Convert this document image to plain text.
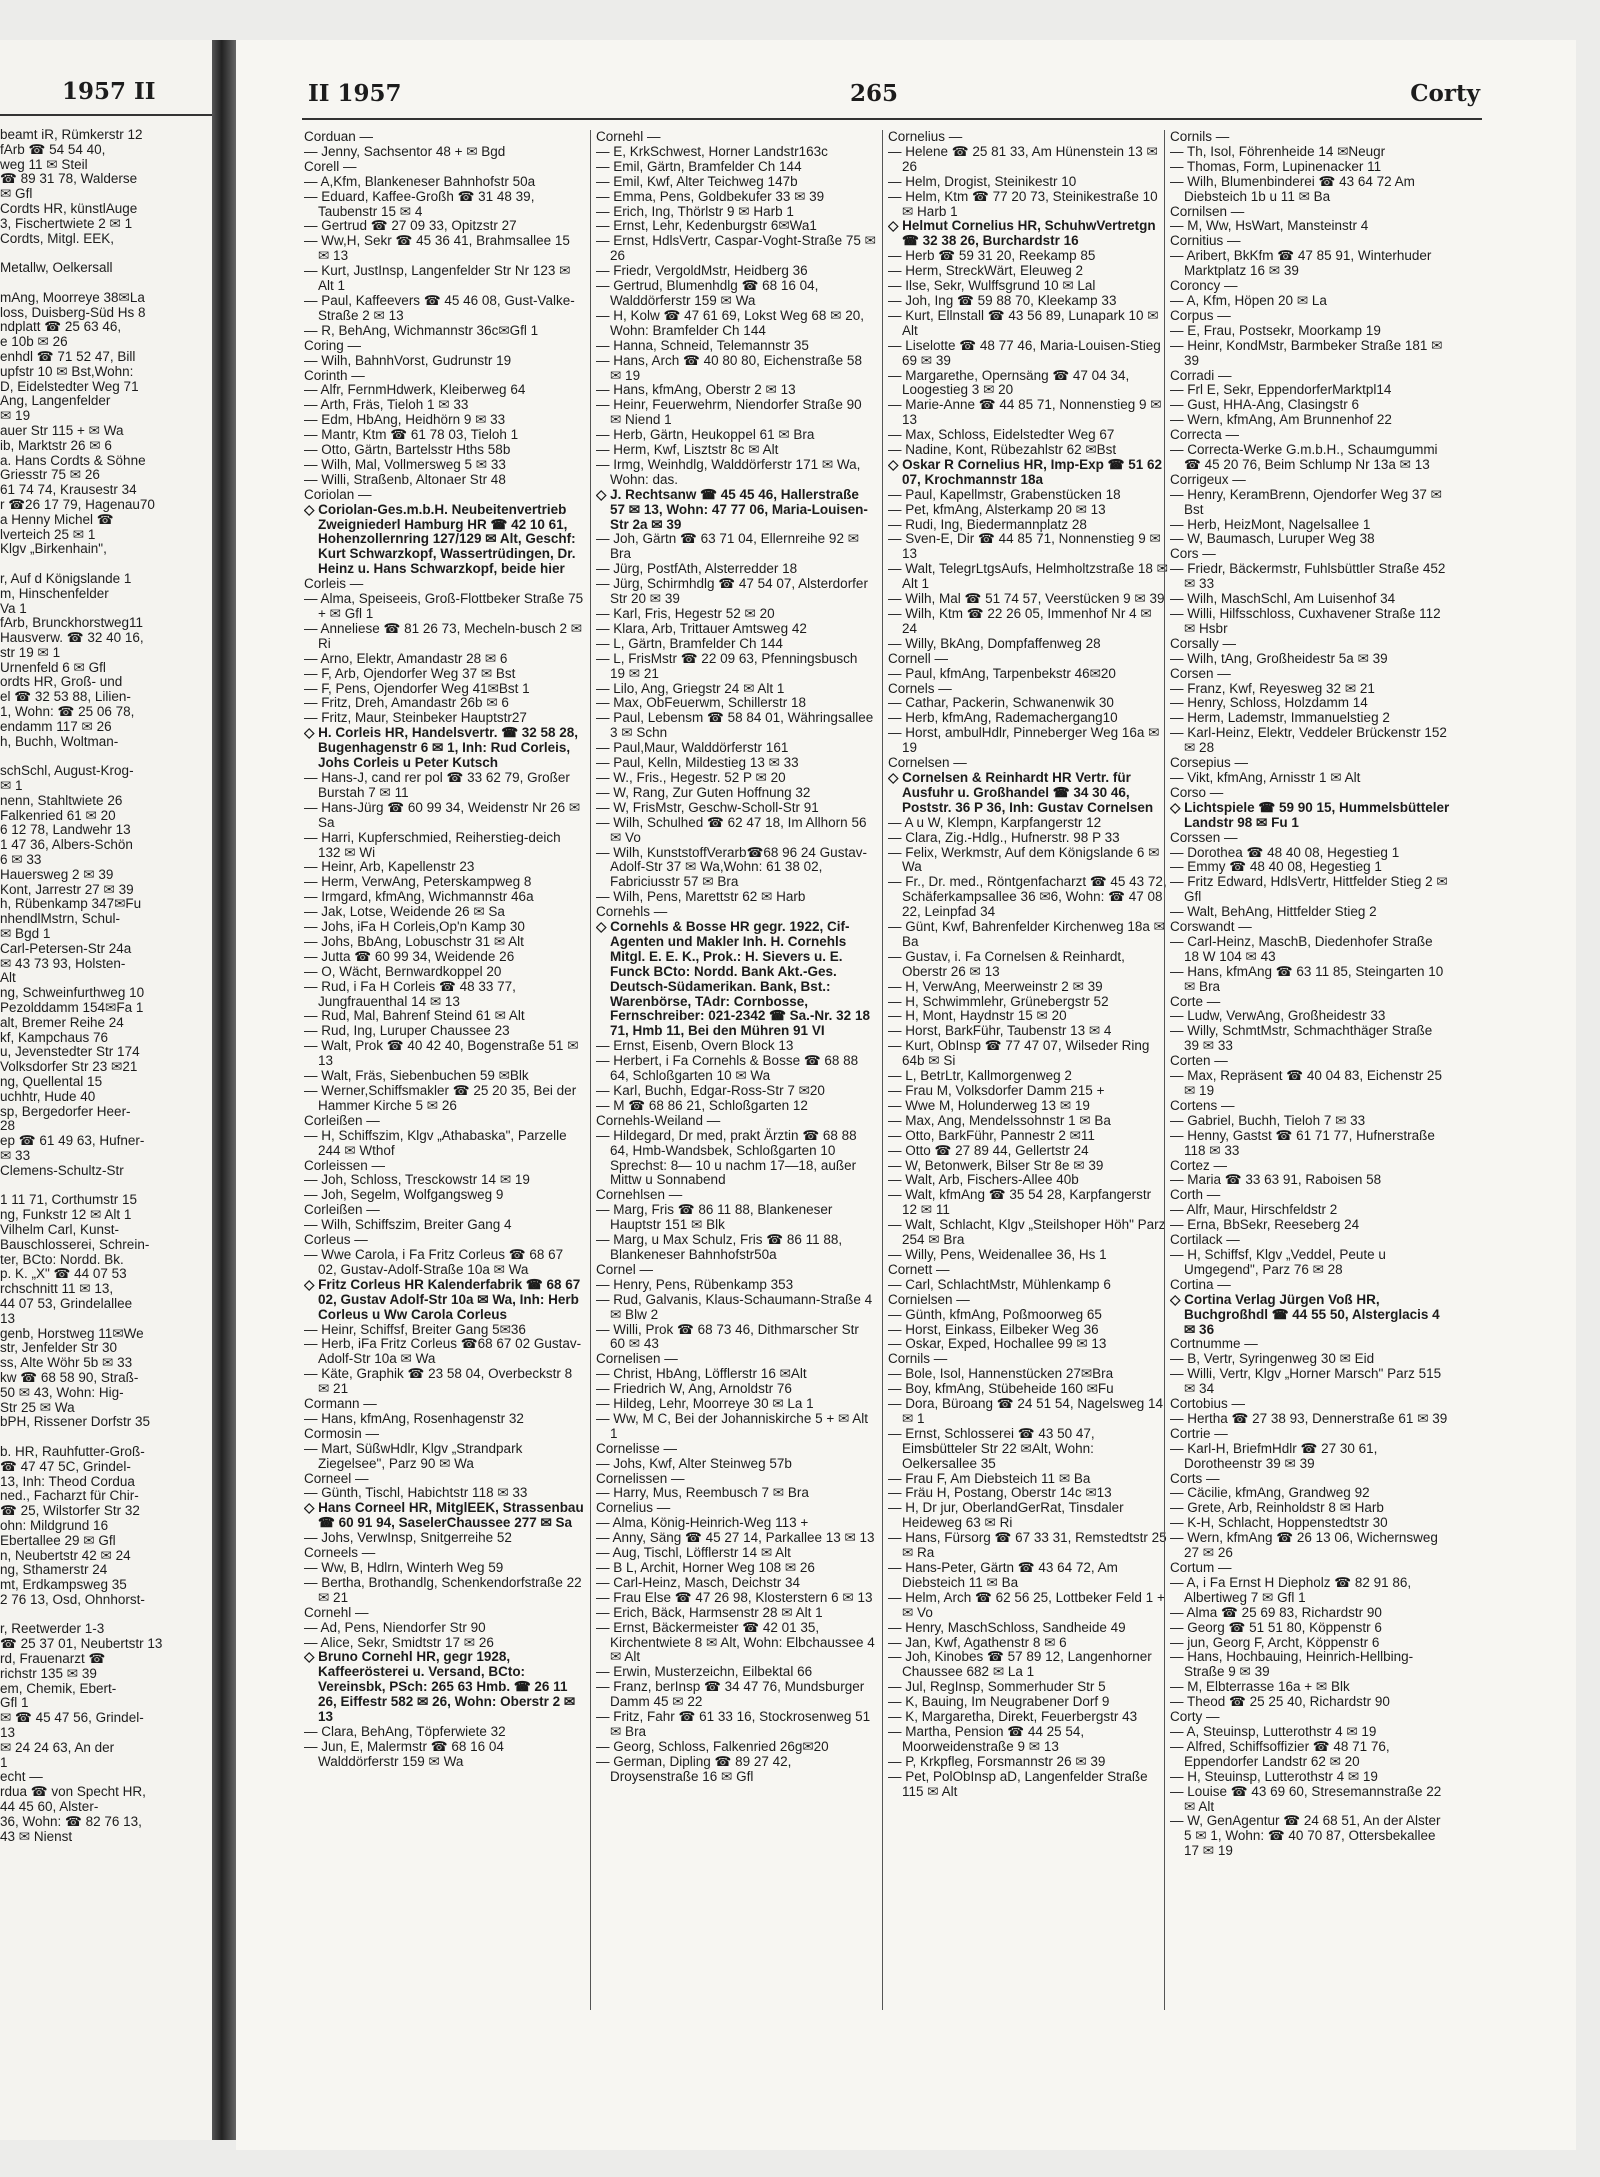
1957 II
beamt iR, Rümkerstr 12
fArb ☎ 54 54 40,
weg 11 ✉ Steil
☎ 89 31 78, Walderse
✉ Gfl
Cordts HR, künstlAuge
3, Fischertwiete 2 ✉ 1
Cordts, Mitgl. EEK,

Metallw, Oelkersall

mAng, Moorreye 38✉La
loss, Duisberg-Süd Hs 8
ndplatt ☎ 25 63 46,
e 10b ✉ 26
enhdl ☎ 71 52 47, Bill
upfstr 10 ✉ Bst,Wohn:
D, Eidelstedter Weg 71
Ang, Langenfelder
✉ 19
auer Str 115 + ✉ Wa
ib, Marktstr 26 ✉ 6
a. Hans Cordts & Söhne
Griesstr 75 ✉ 26
61 74 74, Krausestr 34
r ☎26 17 79, Hagenau70
a Henny Michel ☎
lverteich 25 ✉ 1
Klgv „Birkenhain",

r, Auf d Königslande 1
m, Hinschenfelder
Va 1
fArb, Brunckhorstweg11
Hausverw. ☎ 32 40 16,
str 19 ✉ 1
Urnenfeld 6 ✉ Gfl
ordts HR, Groß- und
el ☎ 32 53 88, Lilien-
1, Wohn: ☎ 25 06 78,
endamm 117 ✉ 26
h, Buchh, Woltman-

schSchl, August-Krog-
✉ 1
nenn, Stahltwiete 26
Falkenried 61 ✉ 20
6 12 78, Landwehr 13
1 47 36, Albers-Schön
6 ✉ 33
Hauersweg 2 ✉ 39
Kont, Jarrestr 27 ✉ 39
h, Rübenkamp 347✉Fu
nhendlMstrn, Schul-
✉ Bgd 1
Carl-Petersen-Str 24a
✉ 43 73 93, Holsten-
Alt
ng, Schweinfurthweg 10
Pezolddamm 154✉Fa 1
alt, Bremer Reihe 24
kf, Kampchaus 76
u, Jevenstedter Str 174
Volksdorfer Str 23 ✉21
ng, Quellental 15
uchhtr, Hude 40
sp, Bergedorfer Heer-
28
ep ☎ 61 49 63, Hufner-
✉ 33
Clemens-Schultz-Str

1 11 71, Corthumstr 15
ng, Funkstr 12 ✉ Alt 1
Vilhelm Carl, Kunst-
Bauschlosserei, Schrein-
ter, BCto: Nordd. Bk.
p. K. „X" ☎ 44 07 53
rchschnitt 11 ✉ 13,
44 07 53, Grindelallee
13
genb, Horstweg 11✉We
str, Jenfelder Str 30
ss, Alte Wöhr 5b ✉ 33
kw ☎ 68 58 90, Straß-
50 ✉ 43, Wohn: Hig-
Str 25 ✉ Wa
bPH, Rissener Dorfstr 35

b. HR, Rauhfutter-Groß-
☎ 47 47 5C, Grindel-
13, Inh: Theod Cordua
ned., Facharzt für Chir-
☎ 25, Wilstorfer Str 32
ohn: Mildgrund 16
Ebertallee 29 ✉ Gfl
n, Neubertstr 42 ✉ 24
ng, Sthamerstr 24
mt, Erdkampsweg 35
2 76 13, Osd, Ohnhorst-

r, Reetwerder 1-3
☎ 25 37 01, Neubertstr 13
rd, Frauenarzt ☎
richstr 135 ✉ 39
em, Chemik, Ebert-
Gfl 1
✉ ☎ 45 47 56, Grindel-
13
✉ 24 24 63, An der
1
echt —
rdua ☎ von Specht HR,
44 45 60, Alster-
36, Wohn: ☎ 82 76 13,
43 ✉ Nienst
II 1957	265	Corty
Corduan —
— Jenny, Sachsentor 48 + ✉ Bgd
Corell —
— A,Kfm, Blankeneser Bahnhofstr 50a
— Eduard, Kaffee-Großh ☎ 31 48 39, Taubenstr 15 ✉ 4
— Gertrud ☎ 27 09 33, Opitzstr 27
— Ww,H, Sekr ☎ 45 36 41, Brahmsallee 15 ✉ 13
— Kurt, JustInsp, Langenfelder Str Nr 123 ✉ Alt 1
— Paul, Kaffeevers ☎ 45 46 08, Gust-Valke-Straße 2 ✉ 13
— R, BehAng, Wichmannstr 36c✉Gfl 1
Coring —
— Wilh, BahnhVorst, Gudrunstr 19
Corinth —
— Alfr, FernmHdwerk, Kleiberweg 64
— Arth, Fräs, Tieloh 1 ✉ 33
— Edm, HbAng, Heidhörn 9 ✉ 33
— Mantr, Ktm ☎ 61 78 03, Tieloh 1
— Otto, Gärtn, Bartelsstr Hths 58b
— Wilh, Mal, Vollmersweg 5 ✉ 33
— Willi, Straßenb, Altonaer Str 48
Coriolan —
◇ Coriolan-Ges.m.b.H. Neubeitenvertrieb Zweigniederl Hamburg HR ☎ 42 10 61, Hohenzollernring 127/129 ✉ Alt, Geschf: Kurt Schwarzkopf, Wassertrüdingen, Dr. Heinz u. Hans Schwarzkopf, beide hier
Corleis —
— Alma, Speiseeis, Groß-Flottbeker Straße 75 + ✉ Gfl 1
— Anneliese ☎ 81 26 73, Mecheln-busch 2 ✉ Ri
— Arno, Elektr, Amandastr 28 ✉ 6
— F, Arb, Ojendorfer Weg 37 ✉ Bst
— F, Pens, Ojendorfer Weg 41✉Bst 1
— Fritz, Dreh, Amandastr 26b ✉ 6
— Fritz, Maur, Steinbeker Hauptstr27
◇ H. Corleis HR, Handelsvertr. ☎ 32 58 28, Bugenhagenstr 6 ✉ 1, Inh: Rud Corleis, Johs Corleis u Peter Kutsch
— Hans-J, cand rer pol ☎ 33 62 79, Großer Burstah 7 ✉ 11
— Hans-Jürg ☎ 60 99 34, Weidenstr Nr 26 ✉ Sa
— Harri, Kupferschmied, Reiherstieg-deich 132 ✉ Wi
— Heinr, Arb, Kapellenstr 23
— Herm, VerwAng, Peterskampweg 8
— Irmgard, kfmAng, Wichmannstr 46a
— Jak, Lotse, Weidende 26 ✉ Sa
— Johs, iFa H Corleis,Op'n Kamp 30
— Johs, BbAng, Lobuschstr 31 ✉ Alt
— Jutta ☎ 60 99 34, Weidende 26
— O, Wächt, Bernwardkoppel 20
— Rud, i Fa H Corleis ☎ 48 33 77, Jungfrauenthal 14 ✉ 13
— Rud, Mal, Bahrenf Steind 61 ✉ Alt
— Rud, Ing, Luruper Chaussee 23
— Walt, Prok ☎ 40 42 40, Bogenstraße 51 ✉ 13
— Walt, Fräs, Siebenbuchen 59 ✉Blk
— Werner,Schiffsmakler ☎ 25 20 35, Bei der Hammer Kirche 5 ✉ 26
Corleißen —
— H, Schiffszim, Klgv „Athabaska", Parzelle 244 ✉ Wthof
Corleissen —
— Joh, Schloss, Tresckowstr 14 ✉ 19
— Joh, Segelm, Wolfgangsweg 9
Corleißen —
— Wilh, Schiffszim, Breiter Gang 4
Corleus —
— Wwe Carola, i Fa Fritz Corleus ☎ 68 67 02, Gustav-Adolf-Straße 10a ✉ Wa
◇ Fritz Corleus HR Kalenderfabrik ☎ 68 67 02, Gustav Adolf-Str 10a ✉ Wa, Inh: Herb Corleus u Ww Carola Corleus
— Heinr, Schiffsf, Breiter Gang 5✉36
— Herb, iFa Fritz Corleus ☎68 67 02 Gustav-Adolf-Str 10a ✉ Wa
— Käte, Graphik ☎ 23 58 04, Overbeckstr 8 ✉ 21
Cormann —
— Hans, kfmAng, Rosenhagenstr 32
Cormosin —
— Mart, SüßwHdlr, Klgv „Strandpark Ziegelsee", Parz 90 ✉ Wa
Corneel —
— Günth, Tischl, Habichtstr 118 ✉ 33
◇ Hans Corneel HR, MitglEEK, Strassenbau ☎ 60 91 94, SaselerChaussee 277 ✉ Sa
— Johs, VerwInsp, Snitgerreihe 52
Corneels —
— Ww, B, Hdlrn, Winterh Weg 59
— Bertha, Brothandlg, Schenkendorfstraße 22 ✉ 21
Cornehl —
— Ad, Pens, Niendorfer Str 90
— Alice, Sekr, Smidtstr 17 ✉ 26
◇ Bruno Cornehl HR, gegr 1928, Kaffeerösterei u. Versand, BCto: Vereinsbk, PSch: 265 63 Hmb. ☎ 26 11 26, Eiffestr 582 ✉ 26, Wohn: Oberstr 2 ✉ 13
— Clara, BehAng, Töpferwiete 32
— Jun, E, Malermstr ☎ 68 16 04 Walddörferstr 159 ✉ Wa
Cornehl —
— E, KrkSchwest, Horner Landstr163c
— Emil, Gärtn, Bramfelder Ch 144
— Emil, Kwf, Alter Teichweg 147b
— Emma, Pens, Goldbekufer 33 ✉ 39
— Erich, Ing, Thörlstr 9 ✉ Harb 1
— Ernst, Lehr, Kedenburgstr 6✉Wa1
— Ernst, HdlsVertr, Caspar-Voght-Straße 75 ✉ 26
— Friedr, VergoldMstr, Heidberg 36
— Gertrud, Blumenhdlg ☎ 68 16 04, Walddörferstr 159 ✉ Wa
— H, Kolw ☎ 47 61 69, Lokst Weg 68 ✉ 20, Wohn: Bramfelder Ch 144
— Hanna, Schneid, Telemannstr 35
— Hans, Arch ☎ 40 80 80, Eichenstraße 58 ✉ 19
— Hans, kfmAng, Oberstr 2 ✉ 13
— Heinr, Feuerwehrm, Niendorfer Straße 90 ✉ Niend 1
— Herb, Gärtn, Heukoppel 61 ✉ Bra
— Herm, Kwf, Lisztstr 8c ✉ Alt
— Irmg, Weinhdlg, Walddörferstr 171 ✉ Wa, Wohn: das.
◇ J. Rechtsanw ☎ 45 45 46, Hallerstraße 57 ✉ 13, Wohn: 47 77 06, Maria-Louisen-Str 2a ✉ 39
— Joh, Gärtn ☎ 63 71 04, Ellernreihe 92 ✉ Bra
— Jürg, PostfAth, Alsterredder 18
— Jürg, Schirmhdlg ☎ 47 54 07, Alsterdorfer Str 20 ✉ 39
— Karl, Fris, Hegestr 52 ✉ 20
— Klara, Arb, Trittauer Amtsweg 42
— L, Gärtn, Bramfelder Ch 144
— L, FrisMstr ☎ 22 09 63, Pfenningsbusch 19 ✉ 21
— Lilo, Ang, Griegstr 24 ✉ Alt 1
— Max, ObFeuerwm, Schillerstr 18
— Paul, Lebensm ☎ 58 84 01, Währingsallee 3 ✉ Schn
— Paul,Maur, Walddörferstr 161
— Paul, Kelln, Mildestieg 13 ✉ 33
— W., Fris., Hegestr. 52 P ✉ 20
— W, Rang, Zur Guten Hoffnung 32
— W, FrisMstr, Geschw-Scholl-Str 91
— Wilh, Schulhed ☎ 62 47 18, Im Allhorn 56 ✉ Vo
— Wilh, KunststoffVerarb☎68 96 24 Gustav-Adolf-Str 37 ✉ Wa,Wohn: 61 38 02, Fabriciusstr 57 ✉ Bra
— Wilh, Pens, Marettstr 62 ✉ Harb
Cornehls —
◇ Cornehls & Bosse HR gegr. 1922, Cif-Agenten und Makler Inh. H. Cornehls Mitgl. E. E. K., Prok.: H. Sievers u. E. Funck BCto: Nordd. Bank Akt.-Ges. Deutsch-Südamerikan. Bank, Bst.: Warenbörse, TAdr: Cornbosse, Fernschreiber: 021-2342 ☎ Sa.-Nr. 32 18 71, Hmb 11, Bei den Mühren 91 VI
— Ernst, Eisenb, Overn Block 13
— Herbert, i Fa Cornehls & Bosse ☎ 68 88 64, Schloßgarten 10 ✉ Wa
— Karl, Buchh, Edgar-Ross-Str 7 ✉20
— M ☎ 68 86 21, Schloßgarten 12
Cornehls-Weiland —
— Hildegard, Dr med, prakt Ärztin ☎ 68 88 64, Hmb-Wandsbek, Schloßgarten 10 Sprechst: 8— 10 u nachm 17—18, außer Mittw u Sonnabend
Cornehlsen —
— Marg, Fris ☎ 86 11 88, Blankeneser Hauptstr 151 ✉ Blk
— Marg, u Max Schulz, Fris ☎ 86 11 88, Blankeneser Bahnhofstr50a
Cornel —
— Henry, Pens, Rübenkamp 353
— Rud, Galvanis, Klaus-Schaumann-Straße 4 ✉ Blw 2
— Willi, Prok ☎ 68 73 46, Dithmarscher Str 60 ✉ 43
Cornelisen —
— Christ, HbAng, Löfflerstr 16 ✉Alt
— Friedrich W, Ang, Arnoldstr 76
— Hildeg, Lehr, Moorreye 30 ✉ La 1
— Ww, M C, Bei der Johanniskirche 5 + ✉ Alt 1
Cornelisse —
— Johs, Kwf, Alter Steinweg 57b
Cornelissen —
— Harry, Mus, Reembusch 7 ✉ Bra
Cornelius —
— Alma, König-Heinrich-Weg 113 +
— Anny, Säng ☎ 45 27 14, Parkallee 13 ✉ 13
— Aug, Tischl, Löfflerstr 14 ✉ Alt
— B L, Archit, Horner Weg 108 ✉ 26
— Carl-Heinz, Masch, Deichstr 34
— Frau Else ☎ 47 26 98, Klosterstern 6 ✉ 13
— Erich, Bäck, Harmsenstr 28 ✉ Alt 1
— Ernst, Bäckermeister ☎ 42 01 35, Kirchentwiete 8 ✉ Alt, Wohn: Elbchaussee 4 ✉ Alt
— Erwin, Musterzeichn, Eilbektal 66
— Franz, berInsp ☎ 34 47 76, Mundsburger Damm 45 ✉ 22
— Fritz, Fahr ☎ 61 33 16, Stockrosenweg 51 ✉ Bra
— Georg, Schloss, Falkenried 26g✉20
— German, Dipling ☎ 89 27 42, Droysenstraße 16 ✉ Gfl
Cornelius —
— Helene ☎ 25 81 33, Am Hünenstein 13 ✉ 26
— Helm, Drogist, Steinikestr 10
— Helm, Ktm ☎ 77 20 73, Steinikestraße 10 ✉ Harb 1
◇ Helmut Cornelius HR, SchuhwVertretgn ☎ 32 38 26, Burchardstr 16
— Herb ☎ 59 31 20, Reekamp 85
— Herm, StreckWärt, Eleuweg 2
— Ilse, Sekr, Wulffsgrund 10 ✉ Lal
— Joh, Ing ☎ 59 88 70, Kleekamp 33
— Kurt, Ellnstall ☎ 43 56 89, Lunapark 10 ✉ Alt
— Liselotte ☎ 48 77 46, Maria-Louisen-Stieg 69 ✉ 39
— Margarethe, Opernsäng ☎ 47 04 34, Loogestieg 3 ✉ 20
— Marie-Anne ☎ 44 85 71, Nonnenstieg 9 ✉ 13
— Max, Schloss, Eidelstedter Weg 67
— Nadine, Kont, Rübezahlstr 62 ✉Bst
◇ Oskar R Cornelius HR, Imp-Exp ☎ 51 62 07, Krochmannstr 18a
— Paul, Kapellmstr, Grabenstücken 18
— Pet, kfmAng, Alsterkamp 20 ✉ 13
— Rudi, Ing, Biedermannplatz 28
— Sven-E, Dir ☎ 44 85 71, Nonnenstieg 9 ✉ 13
— Walt, TelegrLtgsAufs, Helmholtzstraße 18 ✉ Alt 1
— Wilh, Mal ☎ 51 74 57, Veerstücken 9 ✉ 39
— Wilh, Ktm ☎ 22 26 05, Immenhof Nr 4 ✉ 24
— Willy, BkAng, Dompfaffenweg 28
Cornell —
— Paul, kfmAng, Tarpenbekstr 46✉20
Cornels —
— Cathar, Packerin, Schwanenwik 30
— Herb, kfmAng, Rademachergang10
— Horst, ambulHdlr, Pinneberger Weg 16a ✉ 19
Cornelsen —
◇ Cornelsen & Reinhardt HR Vertr. für Ausfuhr u. Großhandel ☎ 34 30 46, Poststr. 36 P 36, Inh: Gustav Cornelsen
— A u W, Klempn, Karpfangerstr 12
— Clara, Zig.-Hdlg., Hufnerstr. 98 P 33
— Felix, Werkmstr, Auf dem Königslande 6 ✉ Wa
— Fr., Dr. med., Röntgenfacharzt ☎ 45 43 72, Schäferkampsallee 36 ✉6, Wohn: ☎ 47 08 22, Leinpfad 34
— Günt, Kwf, Bahrenfelder Kirchenweg 18a ✉ Ba
— Gustav, i. Fa Cornelsen & Reinhardt, Oberstr 26 ✉ 13
— H, VerwAng, Meerweinstr 2 ✉ 39
— H, Schwimmlehr, Grünebergstr 52
— H, Mont, Haydnstr 15 ✉ 20
— Horst, BarkFühr, Taubenstr 13 ✉ 4
— Kurt, ObInsp ☎ 77 47 07, Wilseder Ring 64b ✉ Si
— L, BetrLtr, Kallmorgenweg 2
— Frau M, Volksdorfer Damm 215 +
— Wwe M, Holunderweg 13 ✉ 19
— Max, Ang, Mendelssohnstr 1 ✉ Ba
— Otto, BarkFühr, Pannestr 2 ✉11
— Otto ☎ 27 89 44, Gellertstr 24
— W, Betonwerk, Bilser Str 8e ✉ 39
— Walt, Arb, Fischers-Allee 40b
— Walt, kfmAng ☎ 35 54 28, Karpfangerstr 12 ✉ 11
— Walt, Schlacht, Klgv „Steilshoper Höh" Parz 254 ✉ Bra
— Willy, Pens, Weidenallee 36, Hs 1
Cornett —
— Carl, SchlachtMstr, Mühlenkamp 6
Cornielsen —
— Günth, kfmAng, Poßmoorweg 65
— Horst, Einkass, Eilbeker Weg 36
— Oskar, Exped, Hochallee 99 ✉ 13
Cornils —
— Bole, Isol, Hannenstücken 27✉Bra
— Boy, kfmAng, Stübeheide 160 ✉Fu
— Dora, Büroang ☎ 24 51 54, Nagelsweg 14 ✉ 1
— Ernst, Schlosserei ☎ 43 50 47, Eimsbütteler Str 22 ✉Alt, Wohn: Oelkersallee 35
— Frau F, Am Diebsteich 11 ✉ Ba
— Fräu H, Postang, Oberstr 14c ✉13
— H, Dr jur, OberlandGerRat, Tinsdaler Heideweg 63 ✉ Ri
— Hans, Fürsorg ☎ 67 33 31, Remstedtstr 25 ✉ Ra
— Hans-Peter, Gärtn ☎ 43 64 72, Am Diebsteich 11 ✉ Ba
— Helm, Arch ☎ 62 56 25, Lottbeker Feld 1 + ✉ Vo
— Henry, MaschSchloss, Sandheide 49
— Jan, Kwf, Agathenstr 8 ✉ 6
— Joh, Kinobes ☎ 57 89 12, Langenhorner Chaussee 682 ✉ La 1
— Jul, RegInsp, Sommerhuder Str 5
— K, Bauing, Im Neugrabener Dorf 9
— K, Margaretha, Direkt, Feuerbergstr 43
— Martha, Pension ☎ 44 25 54, Moorweidenstraße 9 ✉ 13
— P, Krkpfleg, Forsmannstr 26 ✉ 39
— Pet, PolObInsp aD, Langenfelder Straße 115 ✉ Alt
Cornils —
— Th, Isol, Föhrenheide 14 ✉Neugr
— Thomas, Form, Lupinenacker 11
— Wilh, Blumenbinderei ☎ 43 64 72 Am Diebsteich 1b u 11 ✉ Ba
Cornilsen —
— M, Ww, HsWart, Mansteinstr 4
Cornitius —
— Aribert, BkKfm ☎ 47 85 91, Winterhuder Marktplatz 16 ✉ 39
Coroncy —
— A, Kfm, Höpen 20 ✉ La
Corpus —
— E, Frau, Postsekr, Moorkamp 19
— Heinr, KondMstr, Barmbeker Straße 181 ✉ 39
Corradi —
— Frl E, Sekr, EppendorferMarktpl14
— Gust, HHA-Ang, Clasingstr 6
— Wern, kfmAng, Am Brunnenhof 22
Correcta —
— Correcta-Werke G.m.b.H., Schaumgummi ☎ 45 20 76, Beim Schlump Nr 13a ✉ 13
Corrigeux —
— Henry, KeramBrenn, Ojendorfer Weg 37 ✉ Bst
— Herb, HeizMont, Nagelsallee 1
— W, Baumasch, Luruper Weg 38
Cors —
— Friedr, Bäckermstr, Fuhlsbüttler Straße 452 ✉ 33
— Wilh, MaschSchl, Am Luisenhof 34
— Willi, Hilfsschloss, Cuxhavener Straße 112 ✉ Hsbr
Corsally —
— Wilh, tAng, Großheidestr 5a ✉ 39
Corsen —
— Franz, Kwf, Reyesweg 32 ✉ 21
— Henry, Schloss, Holzdamm 14
— Herm, Lademstr, Immanuelstieg 2
— Karl-Heinz, Elektr, Veddeler Brückenstr 152 ✉ 28
Corsepius —
— Vikt, kfmAng, Arnisstr 1 ✉ Alt
Corso —
◇ Lichtspiele ☎ 59 90 15, Hummelsbütteler Landstr 98 ✉ Fu 1
Corssen —
— Dorothea ☎ 48 40 08, Hegestieg 1
— Emmy ☎ 48 40 08, Hegestieg 1
— Fritz Edward, HdlsVertr, Hittfelder Stieg 2 ✉ Gfl
— Walt, BehAng, Hittfelder Stieg 2
Corswandt —
— Carl-Heinz, MaschB, Diedenhofer Straße 18 W 104 ✉ 43
— Hans, kfmAng ☎ 63 11 85, Steingarten 10 ✉ Bra
Corte —
— Ludw, VerwAng, Großheidestr 33
— Willy, SchmtMstr, Schmachthäger Straße 39 ✉ 33
Corten —
— Max, Repräsent ☎ 40 04 83, Eichenstr 25 ✉ 19
Cortens —
— Gabriel, Buchh, Tieloh 7 ✉ 33
— Henny, Gastst ☎ 61 71 77, Hufnerstraße 118 ✉ 33
Cortez —
— Maria ☎ 33 63 91, Raboisen 58
Corth —
— Alfr, Maur, Hirschfeldstr 2
— Erna, BbSekr, Reeseberg 24
Cortilack —
— H, Schiffsf, Klgv „Veddel, Peute u Umgegend", Parz 76 ✉ 28
Cortina —
◇ Cortina Verlag Jürgen Voß HR, Buchgroßhdl ☎ 44 55 50, Alsterglacis 4 ✉ 36
Cortnumme —
— B, Vertr, Syringenweg 30 ✉ Eid
— Willi, Vertr, Klgv „Horner Marsch" Parz 515 ✉ 34
Cortobius —
— Hertha ☎ 27 38 93, Dennerstraße 61 ✉ 39
Cortrie —
— Karl-H, BriefmHdlr ☎ 27 30 61, Dorotheenstr 39 ✉ 39
Corts —
— Cäcilie, kfmAng, Grandweg 92
— Grete, Arb, Reinholdstr 8 ✉ Harb
— K-H, Schlacht, Hoppenstedtstr 30
— Wern, kfmAng ☎ 26 13 06, Wichernsweg 27 ✉ 26
Cortum —
— A, i Fa Ernst H Diepholz ☎ 82 91 86, Albertiweg 7 ✉ Gfl 1
— Alma ☎ 25 69 83, Richardstr 90
— Georg ☎ 51 51 80, Köppenstr 6
— jun, Georg F, Archt, Köppenstr 6
— Hans, Hochbauing, Heinrich-Hellbing-Straße 9 ✉ 39
— M, Elbterrasse 16a + ✉ Blk
— Theod ☎ 25 25 40, Richardstr 90
Corty —
— A, Steuinsp, Lutterothstr 4 ✉ 19
— Alfred, Schiffsoffizier ☎ 48 71 76, Eppendorfer Landstr 62 ✉ 20
— H, Steuinsp, Lutterothstr 4 ✉ 19
— Louise ☎ 43 69 60, Stresemannstraße 22 ✉ Alt
— W, GenAgentur ☎ 24 68 51, An der Alster 5 ✉ 1, Wohn: ☎ 40 70 87, Ottersbekallee 17 ✉ 19
